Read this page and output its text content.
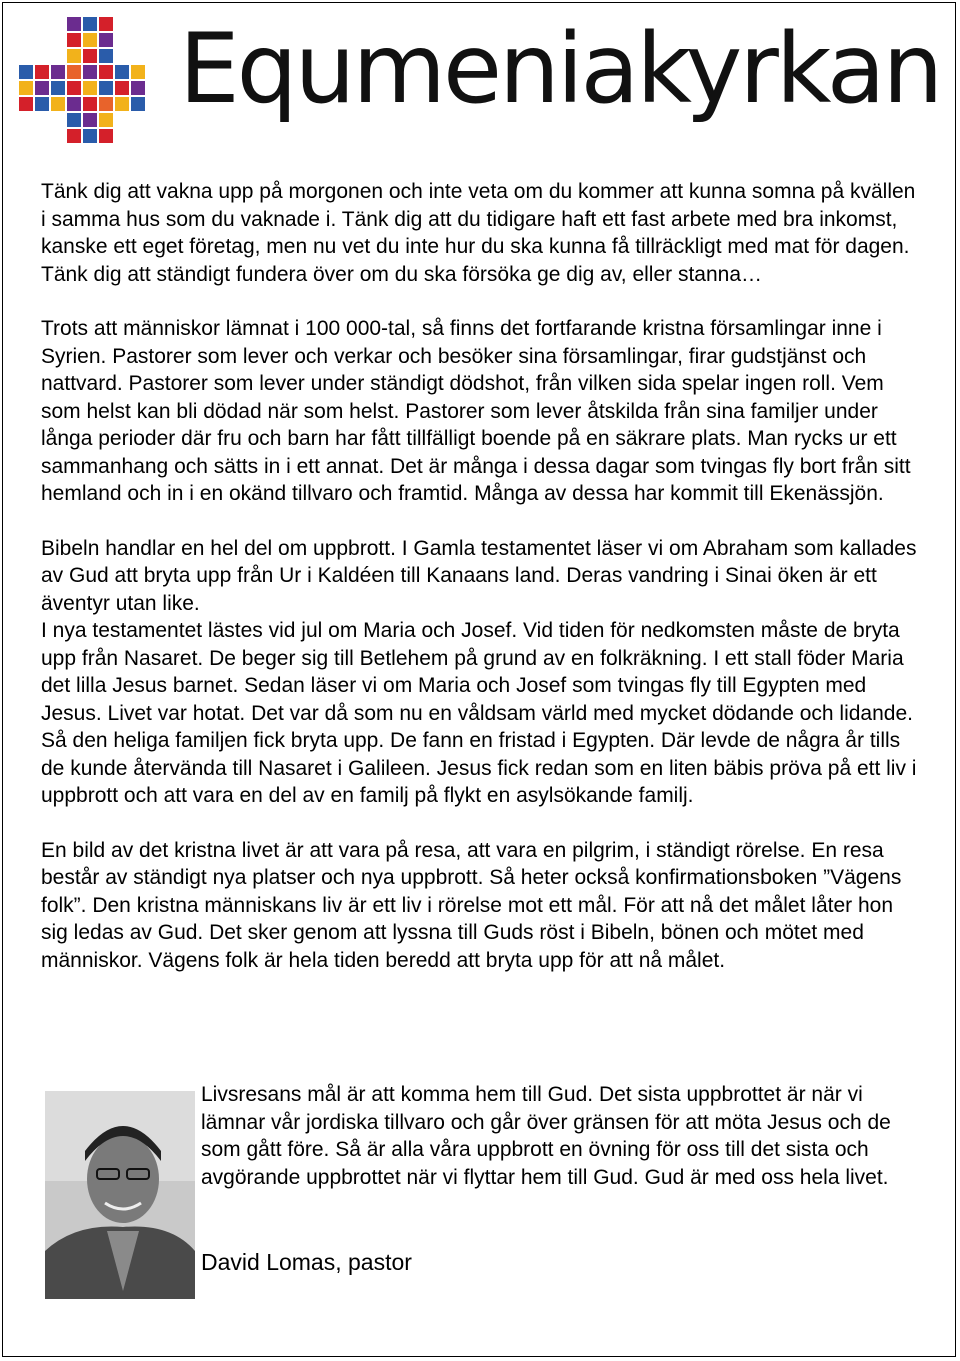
Equmeniakyrkan

Tänk dig att vakna upp på morgonen och inte veta om du kommer att kunna somna på kvällen i samma hus som du vaknade i. Tänk dig att du tidigare haft ett fast arbete med bra inkomst, kanske ett eget företag, men nu vet du inte hur du ska kunna få tillräckligt med mat för dagen. Tänk dig att ständigt fundera över om du ska försöka ge dig av, eller stanna…

Trots att människor lämnat i 100 000-tal, så finns det fortfarande kristna församlingar inne i Syrien. Pastorer som lever och verkar och besöker sina församlingar, firar gudstjänst och nattvard. Pastorer som lever under ständigt dödshot, från vilken sida spelar ingen roll. Vem som helst kan bli dödad när som helst. Pastorer som lever åtskilda från sina familjer under långa perioder där fru och barn har fått tillfälligt boende på en säkrare plats. Man rycks ur ett sammanhang och sätts in i ett annat. Det är många i dessa dagar som tvingas fly bort från sitt hemland och in i en okänd tillvaro och framtid. Många av dessa har kommit till Ekenässjön.

Bibeln handlar en hel del om uppbrott. I Gamla testamentet läser vi om Abraham som kallades av Gud att bryta upp från Ur i Kaldéen till Kanaans land. Deras vandring i Sinai öken är ett äventyr utan like.

I nya testamentet lästes vid jul om Maria och Josef. Vid tiden för nedkomsten måste de bryta upp från Nasaret. De beger sig till Betlehem på grund av en folkräkning. I ett stall föder Maria det lilla Jesus barnet. Sedan läser vi om Maria och Josef som tvingas fly till Egypten med Jesus. Livet var hotat. Det var då som nu en våldsam värld med mycket dödande och lidande. Så den heliga familjen fick bryta upp. De fann en fristad i Egypten. Där levde de några år tills de kunde återvända till Nasaret i Galileen. Jesus fick redan som en liten bäbis pröva på ett liv i uppbrott och att vara en del av en familj på flykt en asylsökande familj.

En bild av det kristna livet är att vara på resa, att vara en pilgrim, i ständigt rörelse. En resa består av ständigt nya platser och nya uppbrott. Så heter också konfirmationsboken ”Vägens folk”. Den kristna människans liv är ett liv i rörelse mot ett mål. För att nå det målet låter hon sig ledas av Gud. Det sker genom att lyssna till Guds röst i Bibeln, bönen och mötet med människor. Vägens folk är hela tiden beredd att bryta upp för att nå målet.

Livsresans mål är att komma hem till Gud. Det sista uppbrottet är när vi lämnar vår jordiska tillvaro och går över gränsen för att möta Jesus och de som gått före. Så är alla våra uppbrott en övning för oss till det sista och avgörande uppbrottet när vi flyttar hem till Gud. Gud är med oss hela livet.
David Lomas, pastor
